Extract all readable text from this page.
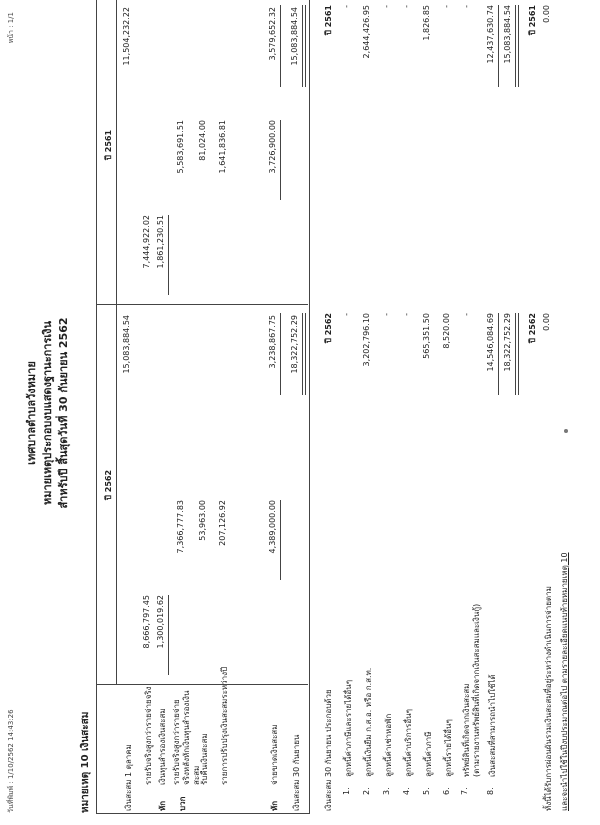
วันที่พิมพ์ : 1/10/2562 14:43:26
หน้า : 1/1
เทศบาลตำบลวังหมาย หมายเหตุประกอบงบแสดงฐานะการเงิน สำหรับปี สิ้นสุดวันที่ 30 กันยายน 2562
หมายเหตุ 10 เงินสะสม
ปี 2562
ปี 2561
เงินสะสม 1 ตุลาคม
15,083,884.54
11,504,232.22
รายรับจริงสูงกว่ารายจ่ายจริง
8,666,797.45
7,444,922.02
หัก
เงินทุนสำรองเงินสะสม
1,300,019.62
1,861,230.51
บวก
รายรับจริงสูงกว่ารายจ่ายจริงหลังหักเงินทุนสำรองเงินสะสม
7,366,777.83
5,583,691.51
รับคืนเงินสะสม
53,963.00
81,024.00
รายการปรับปรุงเงินสะสมระหว่างปี
207,126.92
1,641,836.81
หัก
จ่ายขาดเงินสะสม
4,389,000.00
3,238,867.75
3,726,900.00
3,579,652.32
เงินสะสม 30 กันยายน
18,322,752.29
15,083,884.54
เงินสะสม 30 กันยายน ประกอบด้วย
ปี 2562
ปี 2561
1.
ลูกหนี้ค่าภาษีและรายได้อื่นๆ
-
-
2.
ลูกหนี้เงินยืม ก.ส.อ. หรือ ก.ส.ท.
3,202,796.10
2,644,426.95
3.
ลูกหนี้ค่าเช่าหอพัก
-
-
4.
ลูกหนี้ค่าบริการอื่นๆ
-
-
5.
ลูกหนี้ค่าภาษี
565,351.50
1,826.85
6.
ลูกหนี้รายได้อื่นๆ
8,520.00
-
7.
ทรัพย์สินที่เกิดจากเงินสะสม (ตามรายงานทรัพย์สินที่เกิดจากเงินสะสมและเงินกู้)
-
-
8.
เงินสะสมที่สามารถนำไปใช้ได้
14,546,084.69
12,437,630.74
18,322,752.29
15,083,884.54
ปี 2562
ปี 2561
ทั้งนี้ได้รับการผ่อนผันรวมเงินสะสมที่อยู่ระหว่างดำเนินการจ่ายตาม
0.00
0.00
และจะนำไปใช้ในปีงบประมาณต่อไป ตามรายละเอียดแนบท้ายหมายเหตุ 10
